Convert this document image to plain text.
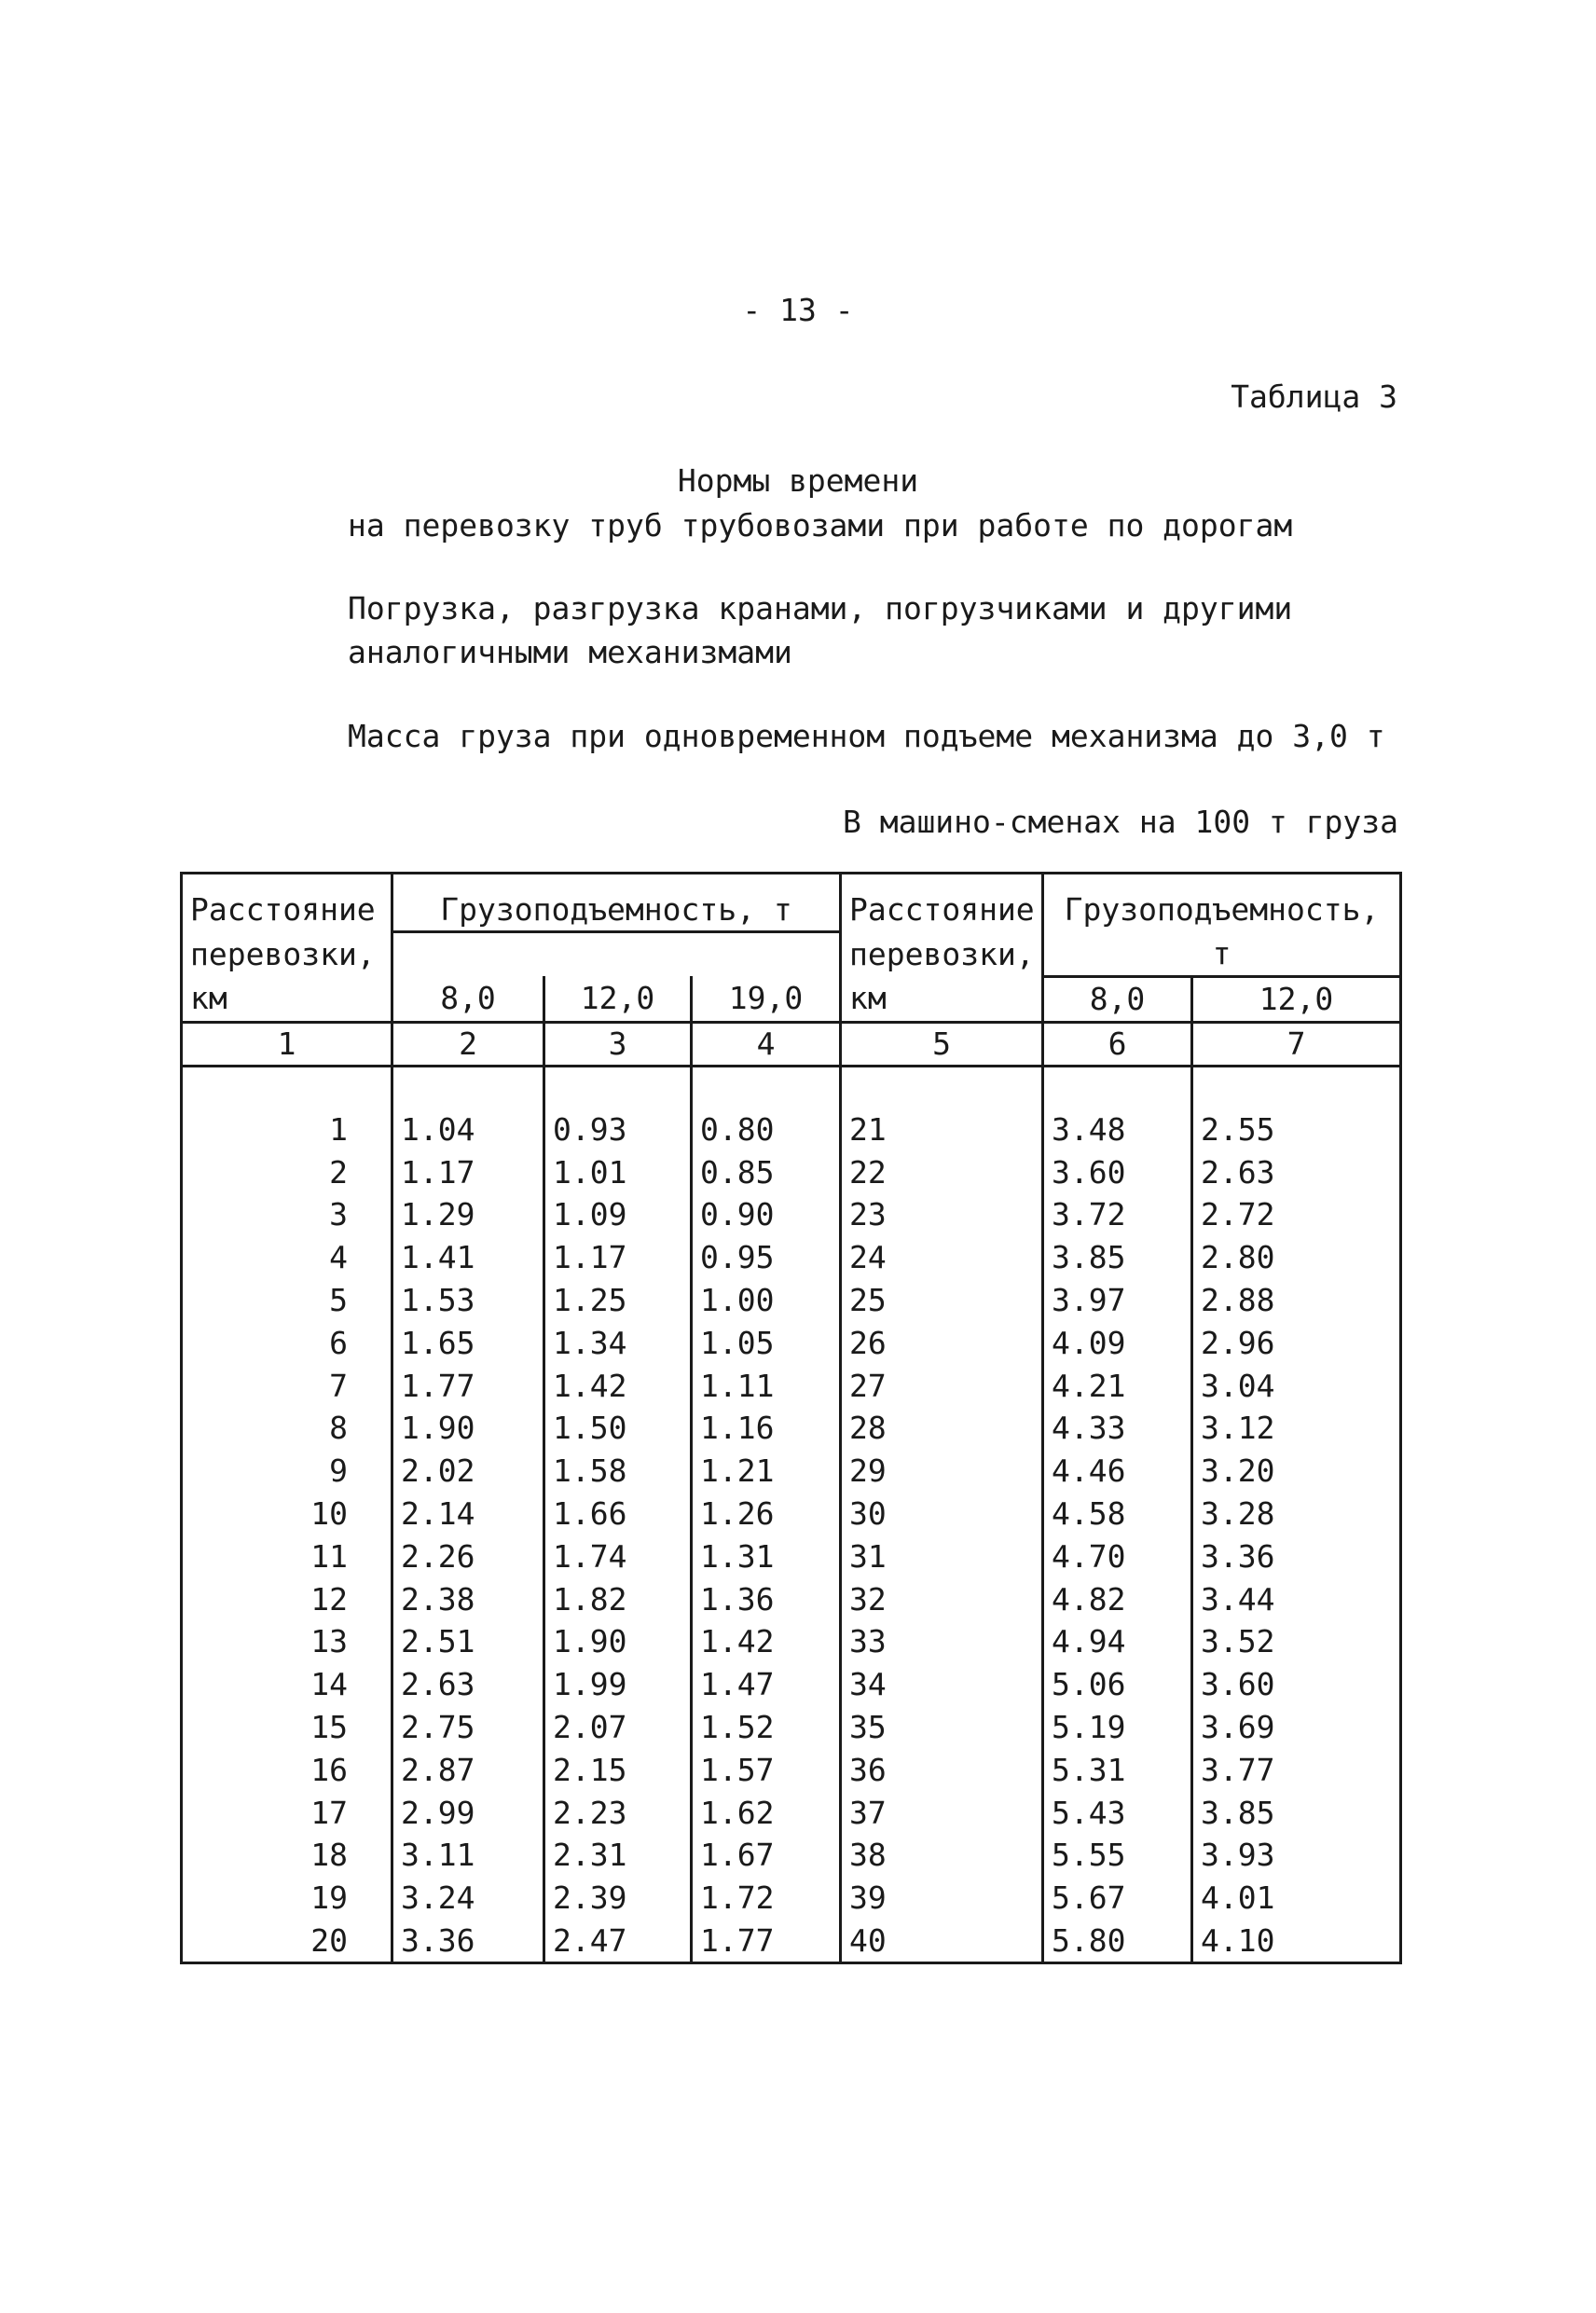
- 13 -
Таблица 3
Нормы времени
на перевозку труб трубовозами при работе по дорогам
Погрузка, разгрузка кранами, погрузчиками и другими
аналогичными механизмами
Масса груза при одновременном подъеме механизма до 3,0 т
В машино-сменах на 100 т груза

Расстояние	Грузоподъемность, т			Расстояние	Грузоподъемность,	
перевозки,				перевозки,	т	
км	8,0	12,0	19,0	км	8,0	12,0
1	2	3	4	5	6	7

1	1.04	0.93	0.80	21	3.48	2.55
2	1.17	1.01	0.85	22	3.60	2.63
3	1.29	1.09	0.90	23	3.72	2.72
4	1.41	1.17	0.95	24	3.85	2.80
5	1.53	1.25	1.00	25	3.97	2.88
6	1.65	1.34	1.05	26	4.09	2.96
7	1.77	1.42	1.11	27	4.21	3.04
8	1.90	1.50	1.16	28	4.33	3.12
9	2.02	1.58	1.21	29	4.46	3.20
10	2.14	1.66	1.26	30	4.58	3.28
11	2.26	1.74	1.31	31	4.70	3.36
12	2.38	1.82	1.36	32	4.82	3.44
13	2.51	1.90	1.42	33	4.94	3.52
14	2.63	1.99	1.47	34	5.06	3.60
15	2.75	2.07	1.52	35	5.19	3.69
16	2.87	2.15	1.57	36	5.31	3.77
17	2.99	2.23	1.62	37	5.43	3.85
18	3.11	2.31	1.67	38	5.55	3.93
19	3.24	2.39	1.72	39	5.67	4.01
20	3.36	2.47	1.77	40	5.80	4.10
